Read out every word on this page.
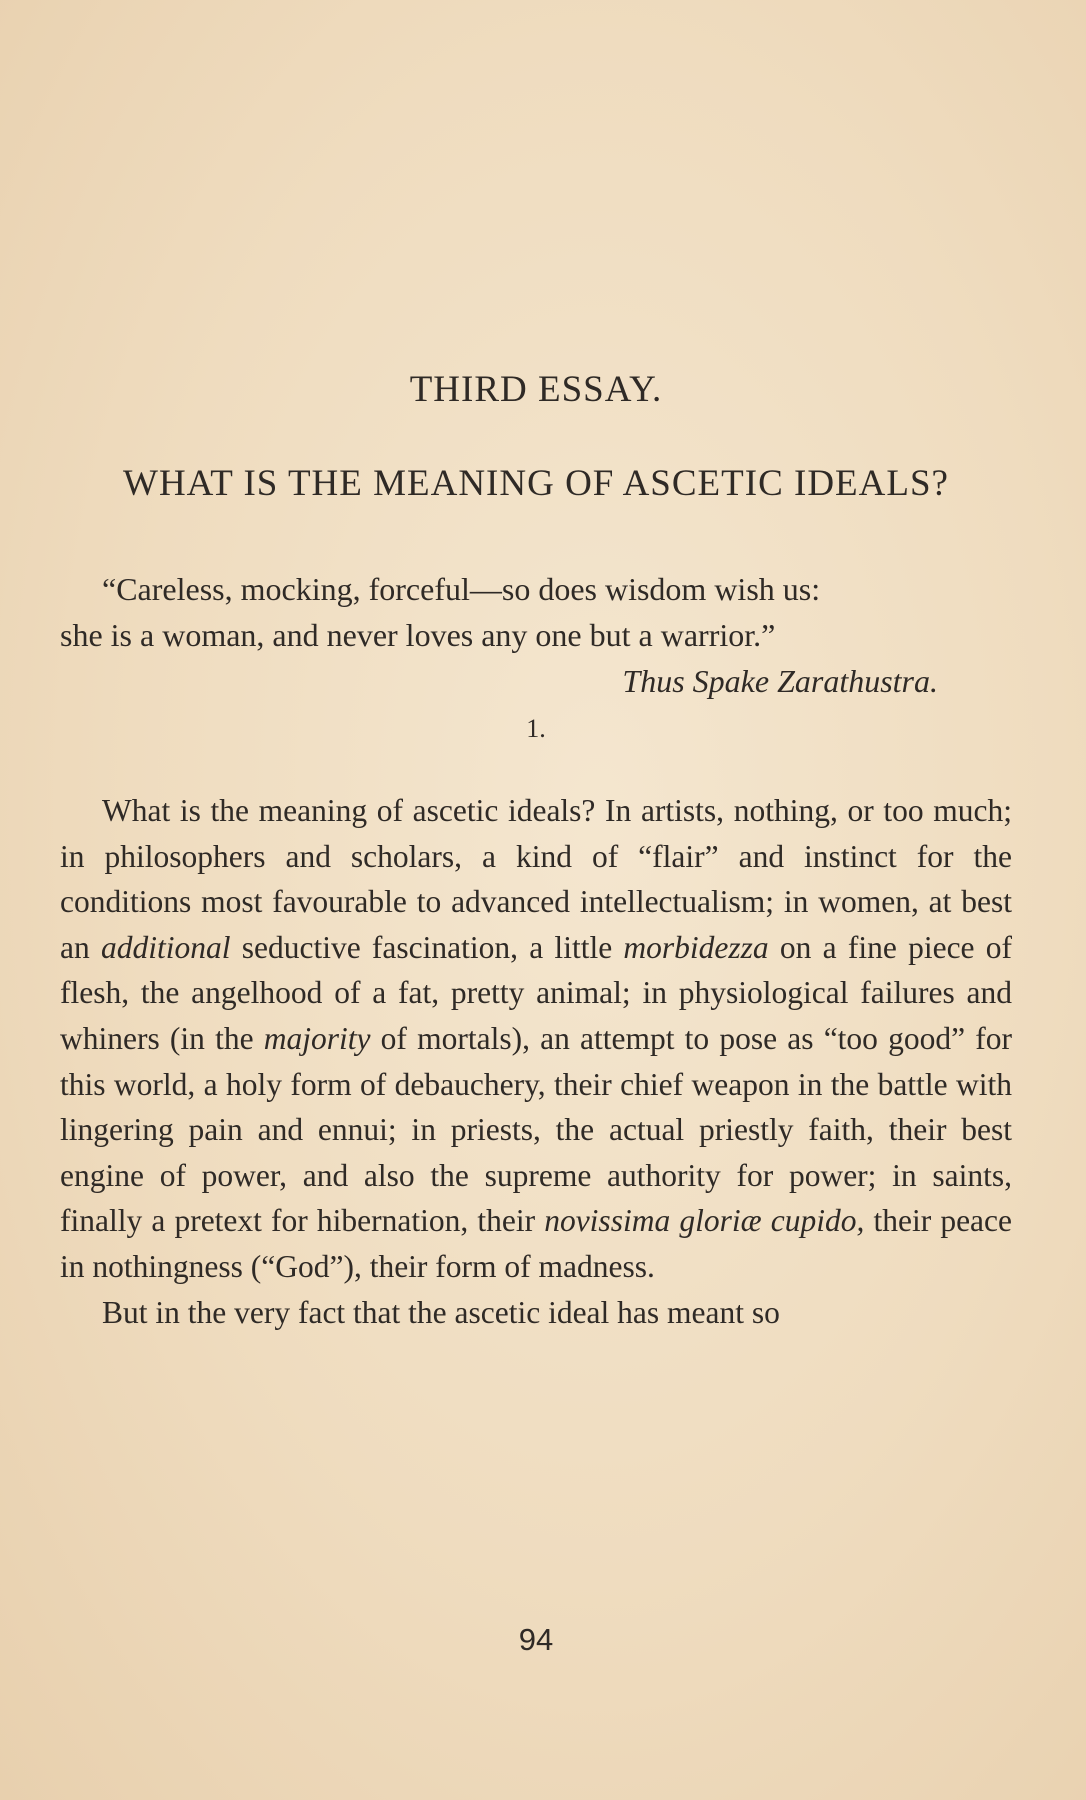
THIRD ESSAY.
WHAT IS THE MEANING OF ASCETIC IDEALS?
“Careless, mocking, forceful—so does wisdom wish us:
she is a woman, and never loves any one but a warrior.”
Thus Spake Zarathustra.
1.

What is the meaning of ascetic ideals? In artists, nothing, or too much; in philosophers and scholars, a kind of “flair” and instinct for the conditions most favourable to advanced intellectualism; in women, at best an additional seductive fascination, a little morbidezza on a fine piece of flesh, the angelhood of a fat, pretty animal; in physiological failures and whiners (in the majority of mortals), an attempt to pose as “too good” for this world, a holy form of debauchery, their chief weapon in the battle with lingering pain and ennui; in priests, the actual priestly faith, their best engine of power, and also the supreme authority for power; in saints, finally a pretext for hibernation, their novissima gloriæ cupido, their peace in nothingness (“God”), their form of madness.

But in the very fact that the ascetic ideal has meant so

94
